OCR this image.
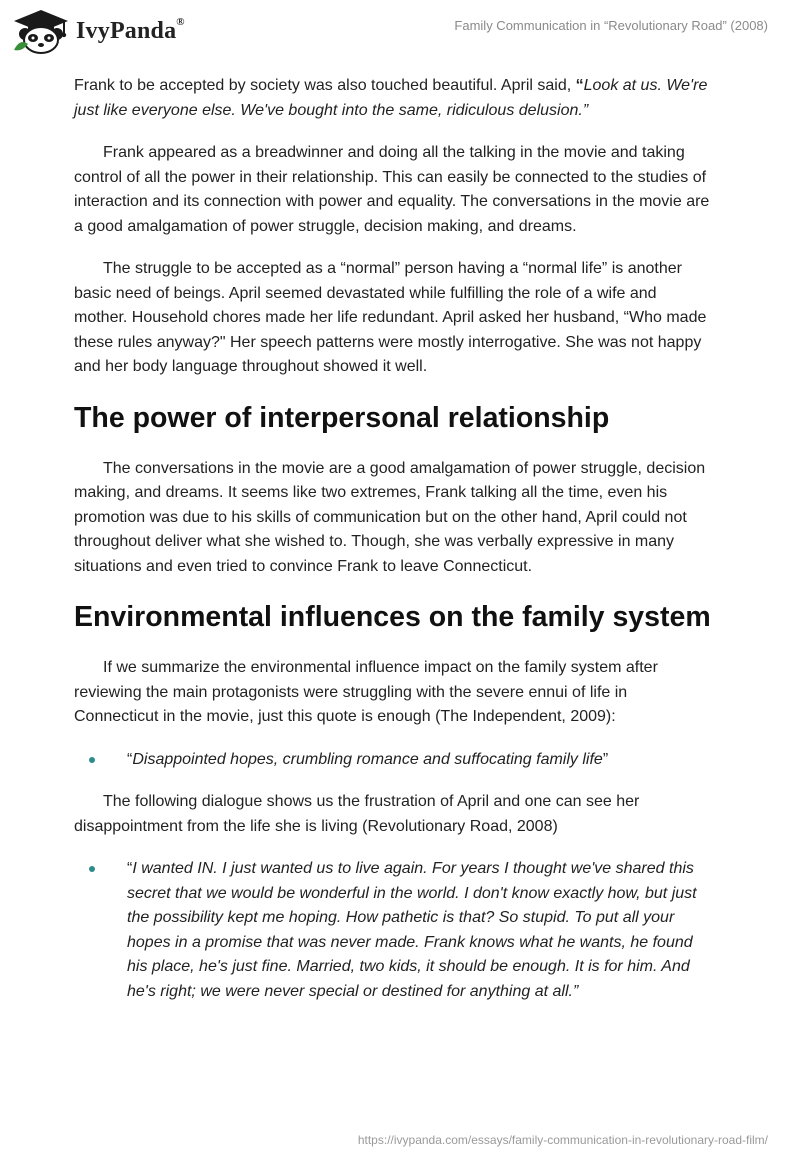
IvyPanda®	Family Communication in “Revolutionary Road” (2008)

Frank to be accepted by society was also touched beautiful. April said, “Look at us. We're just like everyone else. We've bought into the same, ridiculous delusion.”

Frank appeared as a breadwinner and doing all the talking in the movie and taking control of all the power in their relationship. This can easily be connected to the studies of interaction and its connection with power and equality. The conversations in the movie are a good amalgamation of power struggle, decision making, and dreams.

The struggle to be accepted as a “normal” person having a “normal life” is another basic need of beings. April seemed devastated while fulfilling the role of a wife and mother. Household chores made her life redundant. April asked her husband, “Who made these rules anyway?" Her speech patterns were mostly interrogative. She was not happy and her body language throughout showed it well.

The power of interpersonal relationship

The conversations in the movie are a good amalgamation of power struggle, decision making, and dreams. It seems like two extremes, Frank talking all the time, even his promotion was due to his skills of communication but on the other hand, April could not throughout deliver what she wished to. Though, she was verbally expressive in many situations and even tried to convince Frank to leave Connecticut.

Environmental influences on the family system

If we summarize the environmental influence impact on the family system after reviewing the main protagonists were struggling with the severe ennui of life in Connecticut in the movie, just this quote is enough (The Independent, 2009):

“Disappointed hopes, crumbling romance and suffocating family life”

The following dialogue shows us the frustration of April and one can see her disappointment from the life she is living (Revolutionary Road, 2008)

“I wanted IN. I just wanted us to live again. For years I thought we've shared this secret that we would be wonderful in the world. I don't know exactly how, but just the possibility kept me hoping. How pathetic is that? So stupid. To put all your hopes in a promise that was never made. Frank knows what he wants, he found his place, he's just fine. Married, two kids, it should be enough. It is for him. And he's right; we were never special or destined for anything at all.”
https://ivypanda.com/essays/family-communication-in-revolutionary-road-film/
